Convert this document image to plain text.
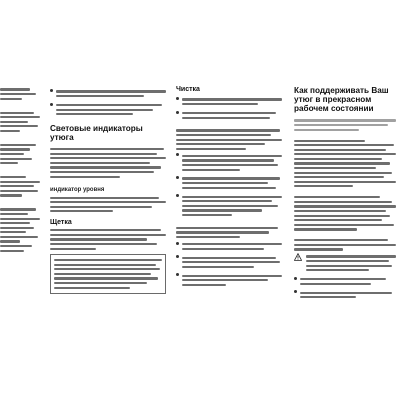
Световые индикаторы утюга
индикатор уровня
Щетка
Чистка	Как поддерживать Ваш утюг в прекрасном рабочем состоянии
